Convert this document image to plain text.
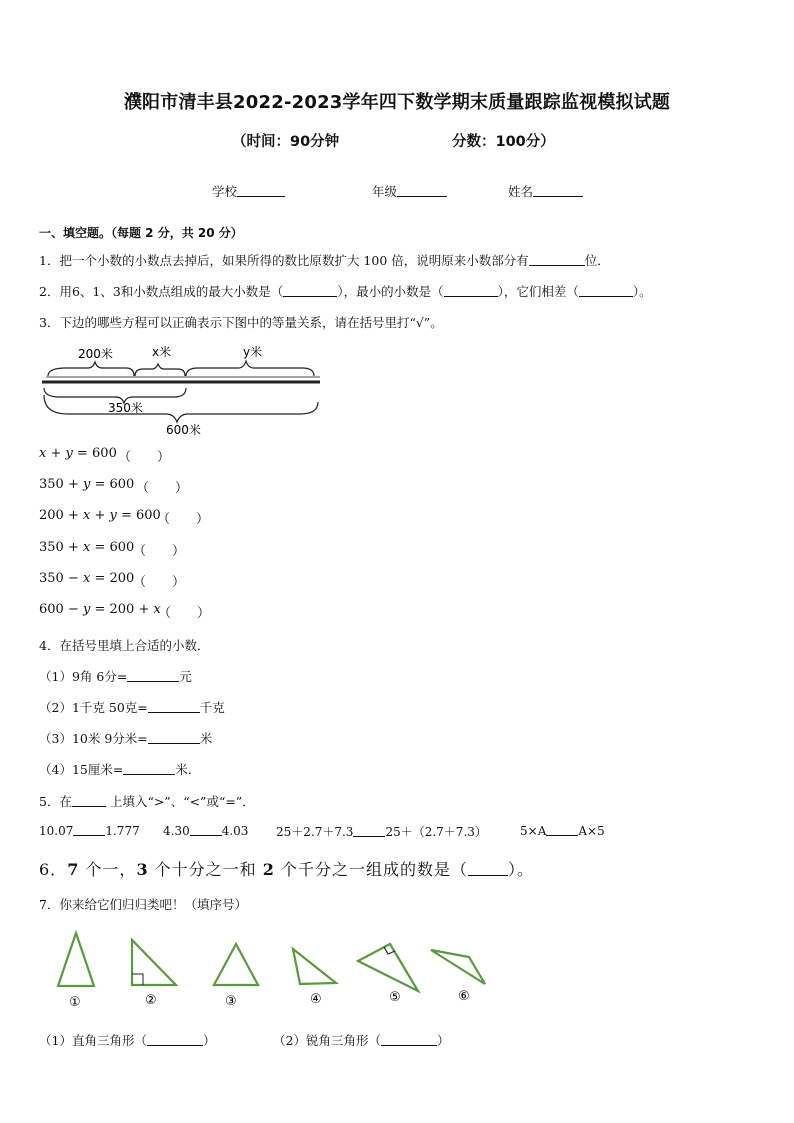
濮阳市清丰县2022-2023学年四下数学期末质量跟踪监视模拟试题
（时间：90分钟	分数：100分）
学校	年级	姓名
一、填空题。（每题 2 分，共 20 分）
1．把一个小数的小数点去掉后，如果所得的数比原数扩大 100 倍，说明原来小数部分有	位．
2．用6、1、3和小数点组成的最大小数是（	），最小的小数是（	），它们相差（	）。
3．下边的哪些方程可以正确表示下图中的等量关系，请在括号里打“√”。
200米	x米	y米
350米
600米
x + y = 600 （　　）
350 + y = 600 （　　）
200 + x + y = 600
（　　）
350 + x = 600
（　　）
350 − x = 200
（　　）
600 − y = 200 + x
（　　）
4．在括号里填上合适的小数．
（1）9角 6分=	元
（2）1千克 50克=	千克
（3）10米 9分米=	米
（4）15厘米=	米．
5．在	上填入“>”、“<”或“=”．
10.07	1.777 4.30	4.03 25＋2.7＋7.3	25＋（2.7＋7.3）	5×A	A×5
6．7 个一，3 个十分之一和 2 个千分之一组成的数是（	）。
7．你来给它们归归类吧！（填序号）
①	②	③	④	⑤	⑥
（1）直角三角形（	）	（2）锐角三角形（	）
